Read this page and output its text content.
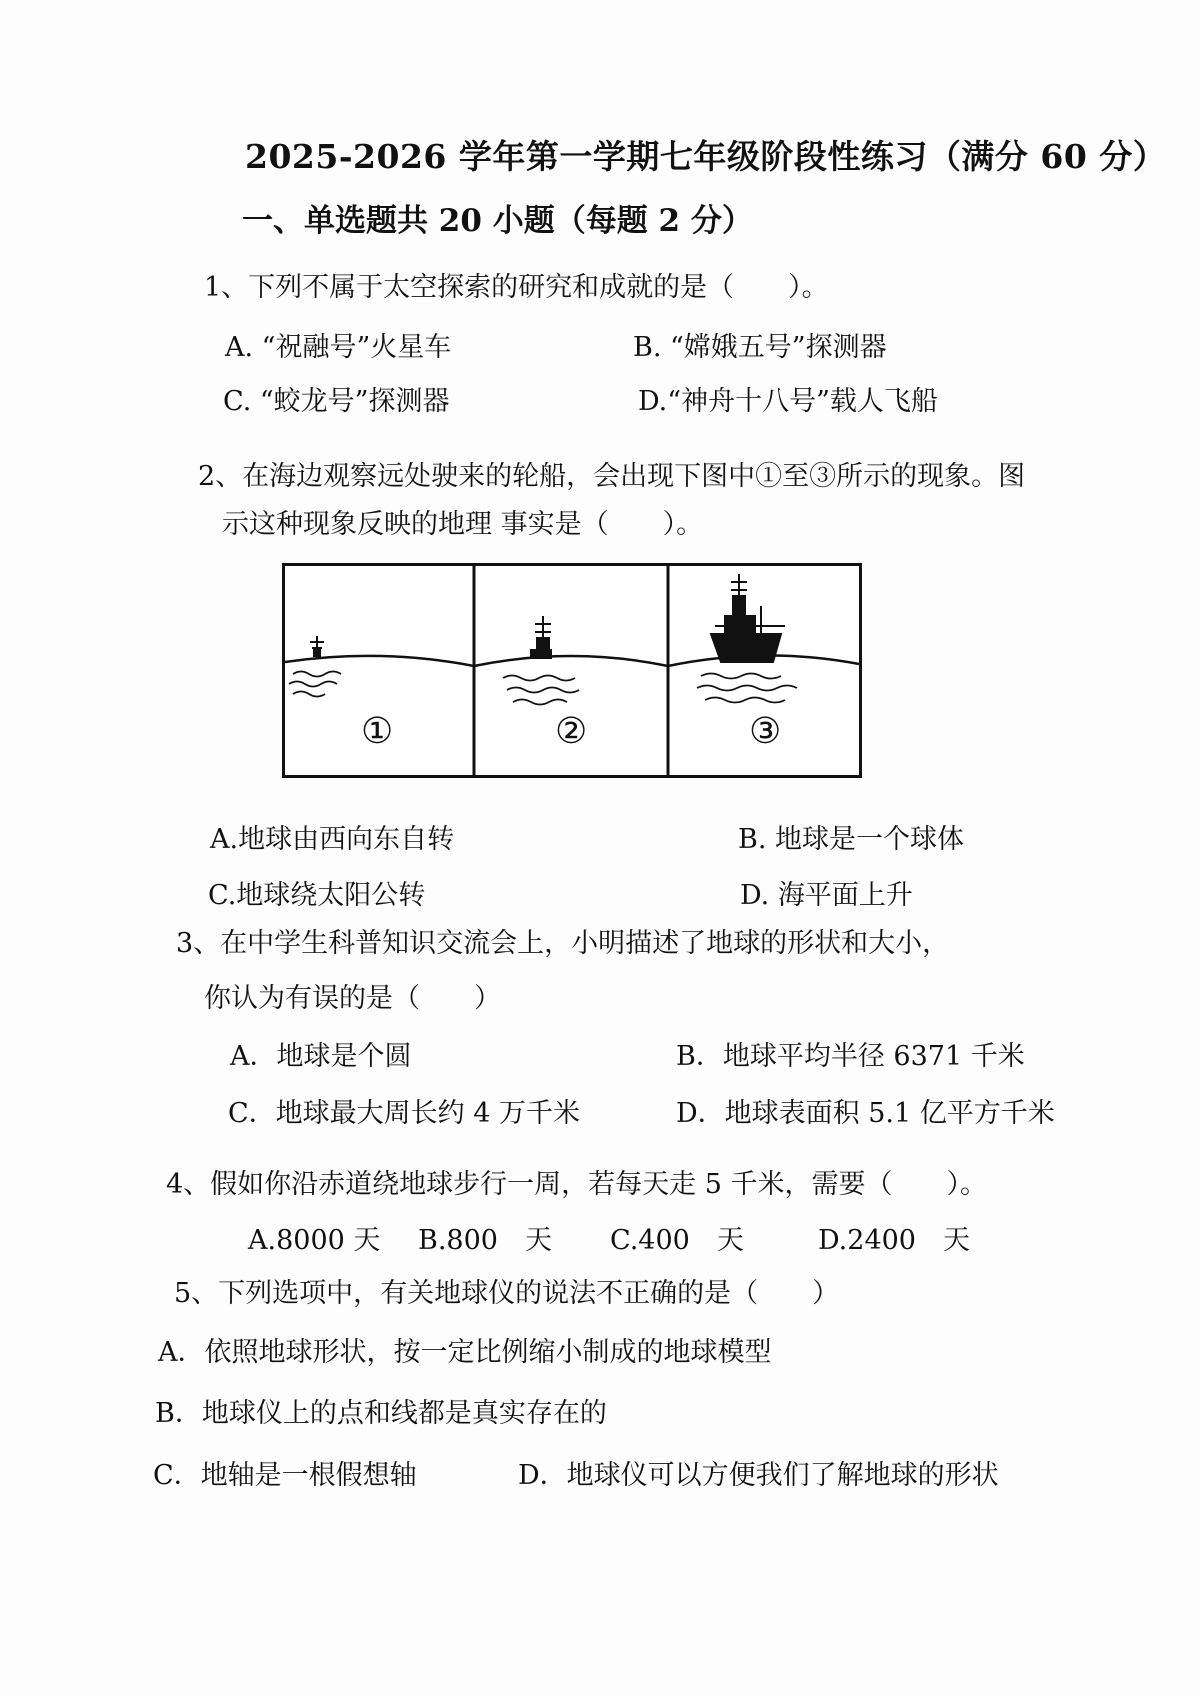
2025-2026 学年第一学期七年级阶段性练习（满分 60 分）
一、单选题共 20 小题（每题 2 分）
1、下列不属于太空探索的研究和成就的是（　　）。
A. “祝融号”火星车	B. “嫦娥五号”探测器
C. “蛟龙号”探测器	D.“神舟十八号”载人飞船
2、在海边观察远处驶来的轮船，会出现下图中①至③所示的现象。图
示这种现象反映的地理 事实是（　　）。
①	②	③
A.地球由西向东自转	B. 地球是一个球体
C.地球绕太阳公转	D. 海平面上升
3、在中学生科普知识交流会上，小明描述了地球的形状和大小，
你认为有误的是（　　）
A．地球是个圆	B．地球平均半径 6371 千米
C．地球最大周长约 4 万千米	D．地球表面积 5.1 亿平方千米
4、假如你沿赤道绕地球步行一周，若每天走 5 千米，需要（　　）。
A.8000 天 B.800　天 C.400　天	D.2400　天
5、下列选项中，有关地球仪的说法不正确的是（　　）
A．依照地球形状，按一定比例缩小制成的地球模型
B．地球仪上的点和线都是真实存在的
C．地轴是一根假想轴	D．地球仪可以方便我们了解地球的形状
